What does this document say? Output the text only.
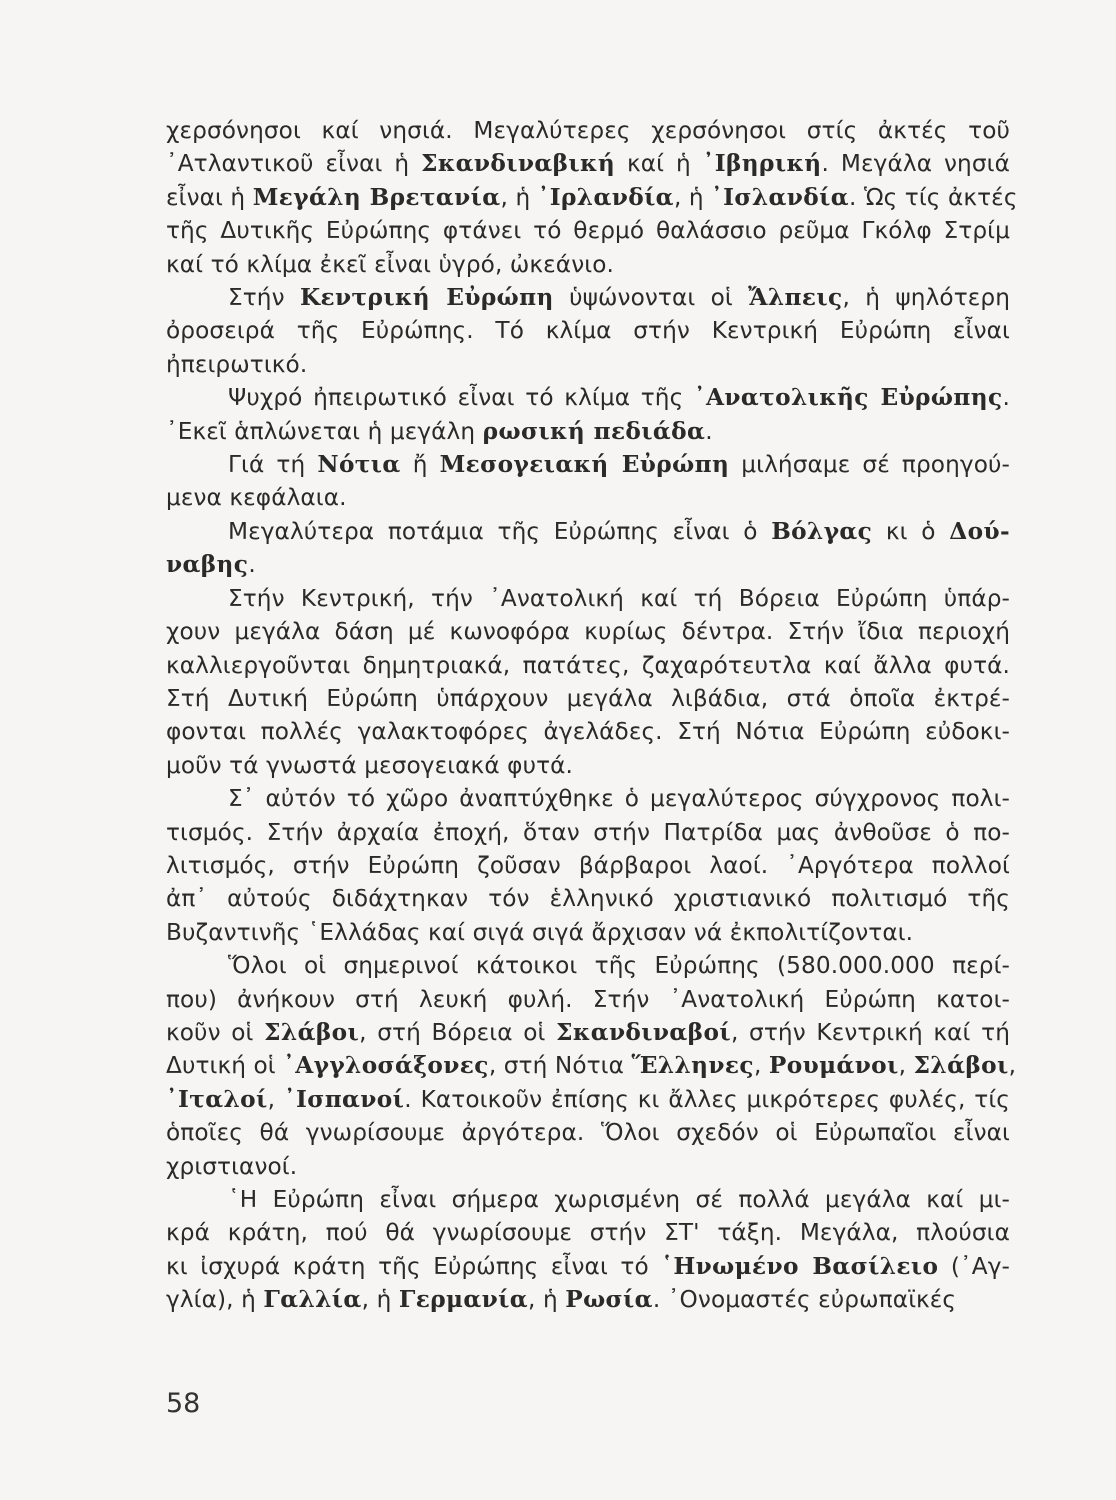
χερσόνησοι καί νησιά. Μεγαλύτερες χερσόνησοι στίς ἀκτές τοῦ
᾿Ατλαντικοῦ εἶναι ἡ Σκανδιναβική καί ἡ ᾿Ιβηρική. Μεγάλα νησιά
εἶναι ἡ Μεγάλη Βρετανία, ἡ ᾿Ιρλανδία, ἡ ᾿Ισλανδία. Ὡς τίς ἀκτές
τῆς Δυτικῆς Εὐρώπης φτάνει τό θερμό θαλάσσιο ρεῦμα Γκόλφ Στρίμ
καί τό κλίμα ἐκεῖ εἶναι ὑγρό, ὠκεάνιο.
Στήν Κεντρική Εὐρώπη ὑψώνονται οἱ Ἄλπεις, ἡ ψηλότερη
ὀροσειρά τῆς Εὐρώπης. Τό κλίμα στήν Κεντρική Εὐρώπη εἶναι
ἠπειρωτικό.
Ψυχρό ἠπειρωτικό εἶναι τό κλίμα τῆς ᾿Ανατολικῆς Εὐρώπης.
᾿Εκεῖ ἁπλώνεται ἡ μεγάλη ρωσική πεδιάδα.
Γιά τή Νότια ἤ Μεσογειακή Εὐρώπη μιλήσαμε σέ προηγού-
μενα κεφάλαια.
Μεγαλύτερα ποτάμια τῆς Εὐρώπης εἶναι ὁ Βόλγας κι ὁ Δού-
ναβης.
Στήν Κεντρική, τήν ᾿Ανατολική καί τή Βόρεια Εὐρώπη ὑπάρ-
χουν μεγάλα δάση μέ κωνοφόρα κυρίως δέντρα. Στήν ἴδια περιοχή
καλλιεργοῦνται δημητριακά, πατάτες, ζαχαρότευτλα καί ἄλλα φυτά.
Στή Δυτική Εὐρώπη ὑπάρχουν μεγάλα λιβάδια, στά ὁποῖα ἐκτρέ-
φονται πολλές γαλακτοφόρες ἀγελάδες. Στή Νότια Εὐρώπη εὐδοκι-
μοῦν τά γνωστά μεσογειακά φυτά.
Σ᾿ αὐτόν τό χῶρο ἀναπτύχθηκε ὁ μεγαλύτερος σύγχρονος πολι-
τισμός. Στήν ἀρχαία ἐποχή, ὅταν στήν Πατρίδα μας ἀνθοῦσε ὁ πο-
λιτισμός, στήν Εὐρώπη ζοῦσαν βάρβαροι λαοί. ᾿Αργότερα πολλοί
ἀπ᾿ αὐτούς διδάχτηκαν τόν ἑλληνικό χριστιανικό πολιτισμό τῆς
Βυζαντινῆς ῾Ελλάδας καί σιγά σιγά ἄρχισαν νά ἐκπολιτίζονται.
Ὅλοι οἱ σημερινοί κάτοικοι τῆς Εὐρώπης (580.000.000 περί-
που) ἀνήκουν στή λευκή φυλή. Στήν ᾿Ανατολική Εὐρώπη κατοι-
κοῦν οἱ Σλάβοι, στή Βόρεια οἱ Σκανδιναβοί, στήν Κεντρική καί τή
Δυτική οἱ ᾿Αγγλοσάξονες, στή Νότια Ἕλληνες, Ρουμάνοι, Σλάβοι,
᾿Ιταλοί, ᾿Ισπανοί. Κατοικοῦν ἐπίσης κι ἄλλες μικρότερες φυλές, τίς
ὁποῖες θά γνωρίσουμε ἀργότερα. Ὅλοι σχεδόν οἱ Εὐρωπαῖοι εἶναι
χριστιανοί.
῾Η Εὐρώπη εἶναι σήμερα χωρισμένη σέ πολλά μεγάλα καί μι-
κρά κράτη, πού θά γνωρίσουμε στήν ΣΤ' τάξη. Μεγάλα, πλούσια
κι ἰσχυρά κράτη τῆς Εὐρώπης εἶναι τό ῾Ηνωμένο Βασίλειο (᾿Αγ-
γλία), ἡ Γαλλία, ἡ Γερμανία, ἡ Ρωσία. ᾿Ονομαστές εὐρωπαϊκές
58
